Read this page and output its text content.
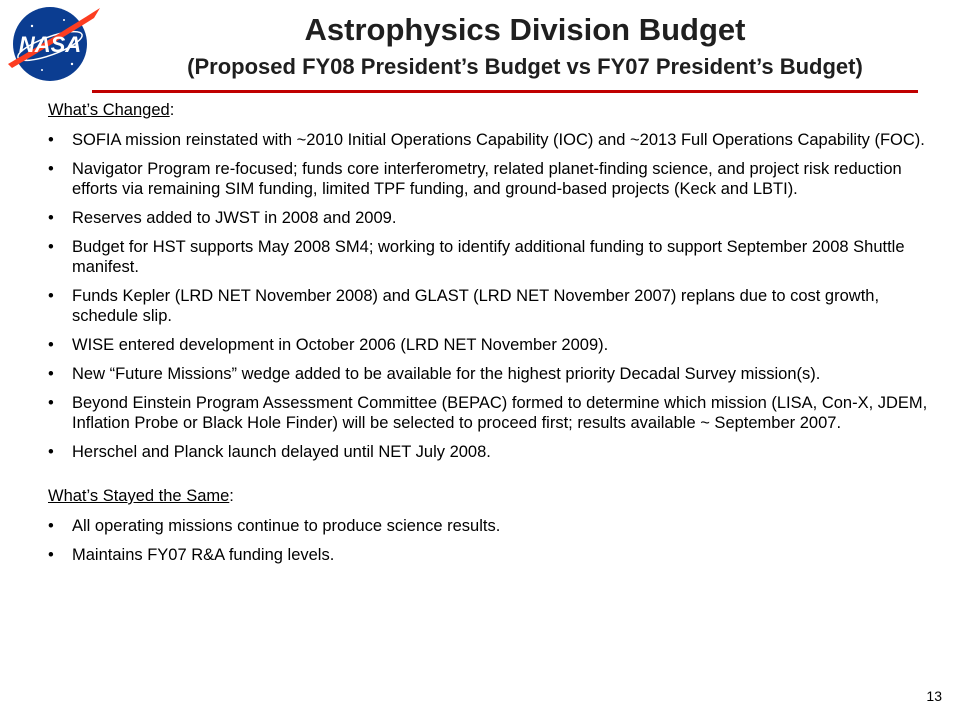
NASA	Astrophysics Division Budget
(Proposed FY08 President’s Budget vs FY07 President’s Budget)
What’s Changed:
• SOFIA mission reinstated with ~2010 Initial Operations Capability (IOC) and ~2013 Full Operations Capability (FOC).
• Navigator Program re-focused; funds core interferometry, related planet-finding science, and project risk reduction efforts via remaining SIM funding, limited TPF funding, and ground-based projects (Keck and LBTI).
• Reserves added to JWST in 2008 and 2009.
• Budget for HST supports May 2008 SM4; working to identify additional funding to support September 2008 Shuttle manifest.
• Funds Kepler (LRD NET November 2008) and GLAST (LRD NET November 2007) replans due to cost growth, schedule slip.
• WISE entered development in October 2006 (LRD NET November 2009).
• New “Future Missions” wedge added to be available for the highest priority Decadal Survey mission(s).
• Beyond Einstein Program Assessment Committee (BEPAC) formed to determine which mission (LISA, Con-X, JDEM, Inflation Probe or Black Hole Finder) will be selected to proceed first; results available ~ September 2007.
• Herschel and Planck launch delayed until NET July 2008.
What’s Stayed the Same:
• All operating missions continue to produce science results.
• Maintains FY07 R&A funding levels.
13
